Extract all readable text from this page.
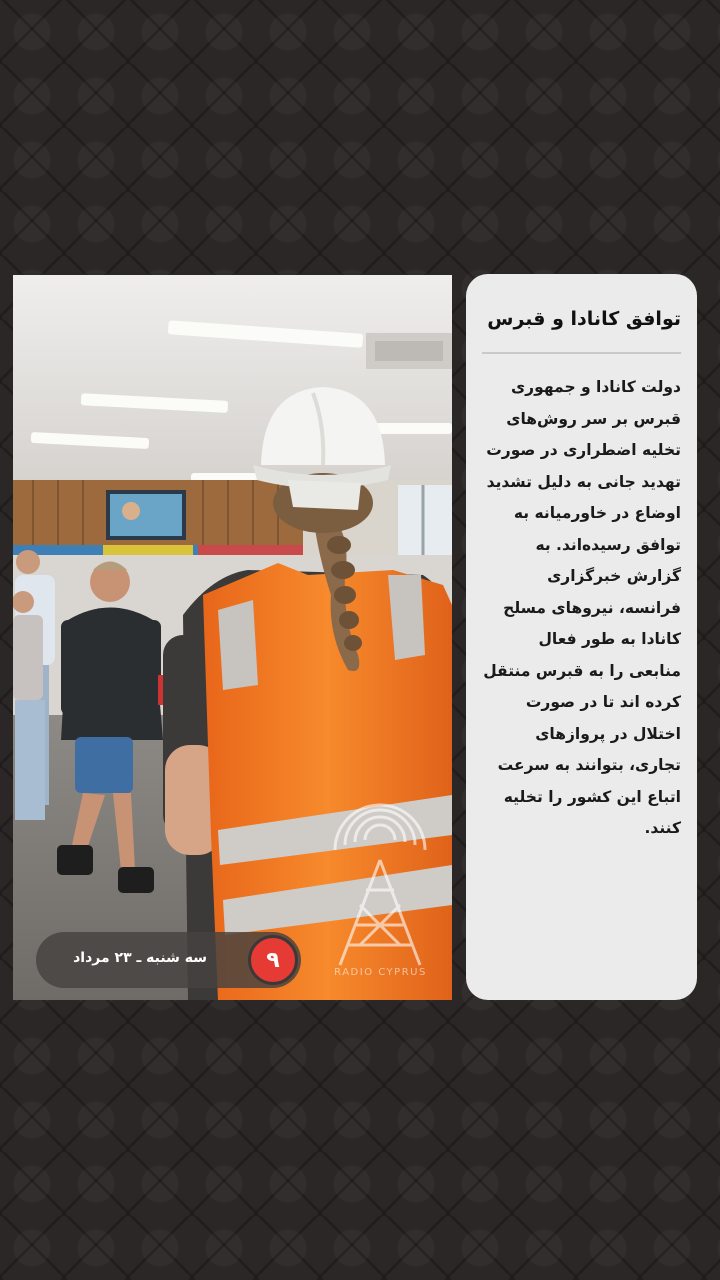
RADIO CYPRUS
سه شنبه ـ ۲۳ مرداد	۹
توافق کانادا و قبرس

دولت کانادا و جمهوری قبرس بر سر روش‌های تخلیه اضطراری در صورت تهدید جانی به دلیل تشدید اوضاع در خاورمیانه به توافق رسیده‌اند. به گزارش خبرگزاری فرانسه، نیروهای مسلح کانادا به طور فعال منابعی را به قبرس منتقل کرده اند تا در صورت اختلال در پروازهای تجاری، بتوانند به سرعت اتباع این کشور را تخلیه کنند.
